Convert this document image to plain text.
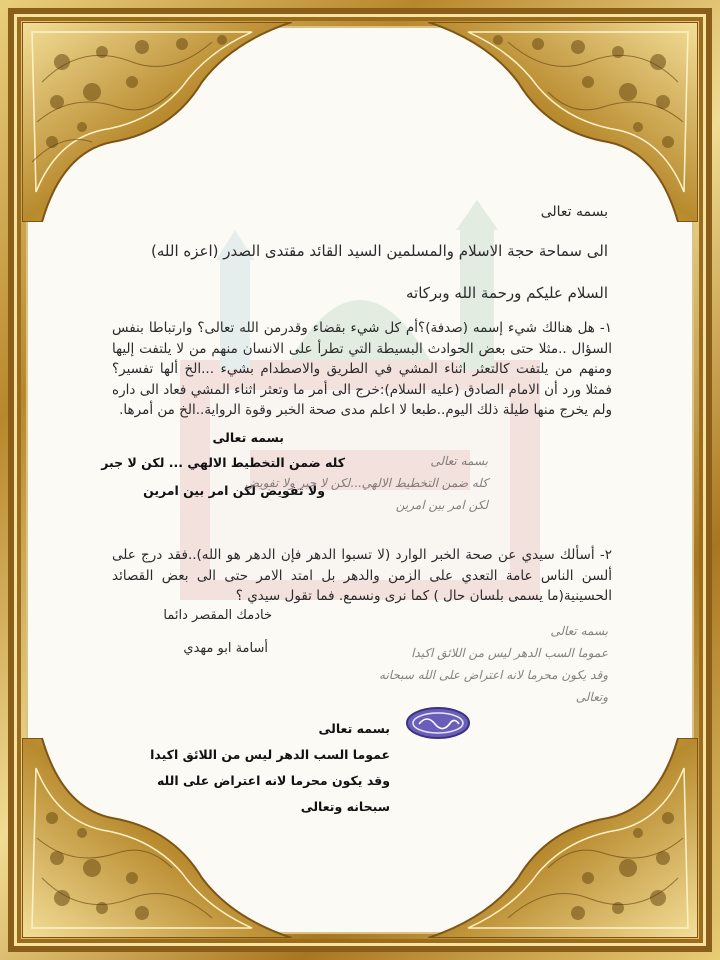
بسمه تعالى
الى سماحة حجة الاسلام والمسلمين السيد القائد مقتدى الصدر (اعزه الله)
السلام عليكم ورحمة الله وبركاته
١- هل هنالك شيء إسمه (صدفة)؟أم كل شيء بقضاء وقدرمن الله تعالى؟ وارتباطا بنفس السؤال ..مثلا حتى بعض الحوادث البسيطة التي تطرأ على الانسان منهم من لا يلتفت إليها ومنهم من يلتفت كالتعثر اثناء المشي في الطريق والاصطدام بشيء ...الخ ألها تفسير؟ فمثلا ورد أن الامام الصادق (عليه السلام):خرج الى أمر ما وتعثر اثناء المشي فعاد الى داره ولم يخرج منها طيلة ذلك اليوم..طبعا لا اعلم مدى صحة الخبر وقوة الرواية..الخ من أمرها.
بسمه تعالى
كله ضمن التخطيط الالهي ... لكن لا جبر
ولا تفويض لكن امر بين امرين
بسمه تعالى
كله ضمن التخطيط الالهي...لكن لا جبر ولا تفويض
لكن امر بين امرين
٢- أسألك سيدي عن صحة الخبر الوارد (لا تسبوا الدهر فإن الدهر هو الله)..فقد درج على ألسن الناس عامة التعدي على الزمن والدهر بل امتد الامر حتى الى بعض القصائد الحسينية(ما يسمى بلسان حال ) كما نرى ونسمع. فما تقول سيدي ؟
خادمك المقصر دائما
أسامة ابو مهدي
بسمه تعالى
عموما السب الدهر ليس من اللائق اكيدا
وقد يكون محرما لانه اعتراض على الله سبحانه
وتعالى
بسمه تعالى
عموما السب الدهر ليس من اللائق اكيدا
وقد يكون محرما لانه اعتراض على الله
سبحانه وتعالى
